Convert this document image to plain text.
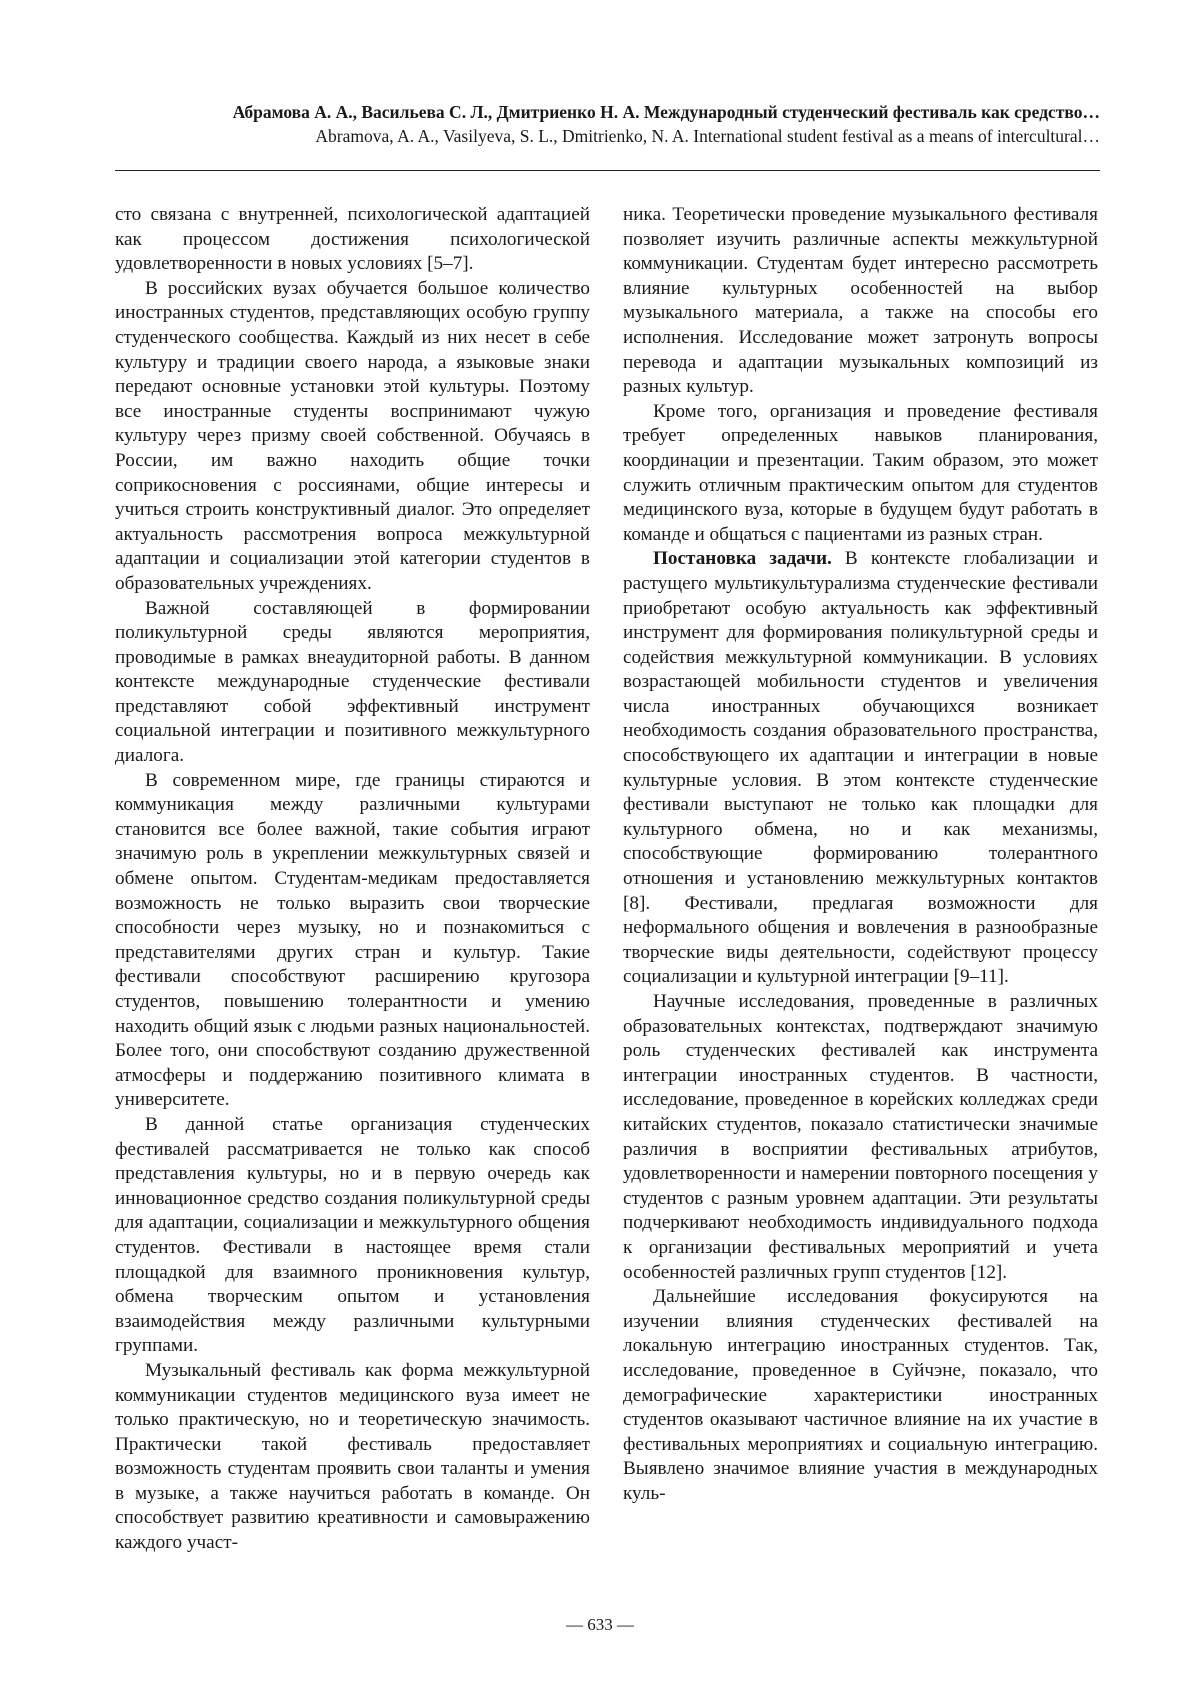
Абрамова А. А., Васильева С. Л., Дмитриенко Н. А. Международный студенческий фестиваль как средство…
Abramova, A. A., Vasilyeva, S. L., Dmitrienko, N. A. International student festival as a means of intercultural…

сто связана с внутренней, психологической адаптацией как процессом достижения психологической удовлетворенности в новых условиях [5–7].

В российских вузах обучается большое количество иностранных студентов, представляющих особую группу студенческого сообщества. Каждый из них несет в себе культуру и традиции своего народа, а языковые знаки передают основные установки этой культуры. Поэтому все иностранные студенты воспринимают чужую культуру через призму своей собственной. Обучаясь в России, им важно находить общие точки соприкосновения с россиянами, общие интересы и учиться строить конструктивный диалог. Это определяет актуальность рассмотрения вопроса межкультурной адаптации и социализации этой категории студентов в образовательных учреждениях.

Важной составляющей в формировании поликультурной среды являются мероприятия, проводимые в рамках внеаудиторной работы. В данном контексте международные студенческие фестивали представляют собой эффективный инструмент социальной интеграции и позитивного межкультурного диалога.

В современном мире, где границы стираются и коммуникация между различными культурами становится все более важной, такие события играют значимую роль в укреплении межкультурных связей и обмене опытом. Студентам-медикам предоставляется возможность не только выразить свои творческие способности через музыку, но и познакомиться с представителями других стран и культур. Такие фестивали способствуют расширению кругозора студентов, повышению толерантности и умению находить общий язык с людьми разных национальностей. Более того, они способствуют созданию дружественной атмосферы и поддержанию позитивного климата в университете.

В данной статье организация студенческих фестивалей рассматривается не только как способ представления культуры, но и в первую очередь как инновационное средство создания поликультурной среды для адаптации, социализации и межкультурного общения студентов. Фестивали в настоящее время стали площадкой для взаимного проникновения культур, обмена творческим опытом и установления взаимодействия между различными культурными группами.

Музыкальный фестиваль как форма межкультурной коммуникации студентов медицинского вуза имеет не только практическую, но и теоретическую значимость. Практически такой фестиваль предоставляет возможность студентам проявить свои таланты и умения в музыке, а также научиться работать в команде. Он способствует развитию креативности и самовыражению каждого участ-

ника. Теоретически проведение музыкального фестиваля позволяет изучить различные аспекты межкультурной коммуникации. Студентам будет интересно рассмотреть влияние культурных особенностей на выбор музыкального материала, а также на способы его исполнения. Исследование может затронуть вопросы перевода и адаптации музыкальных композиций из разных культур.

Кроме того, организация и проведение фестиваля требует определенных навыков планирования, координации и презентации. Таким образом, это может служить отличным практическим опытом для студентов медицинского вуза, которые в будущем будут работать в команде и общаться с пациентами из разных стран.

Постановка задачи. В контексте глобализации и растущего мультикультурализма студенческие фестивали приобретают особую актуальность как эффективный инструмент для формирования поликультурной среды и содействия межкультурной коммуникации. В условиях возрастающей мобильности студентов и увеличения числа иностранных обучающихся возникает необходимость создания образовательного пространства, способствующего их адаптации и интеграции в новые культурные условия. В этом контексте студенческие фестивали выступают не только как площадки для культурного обмена, но и как механизмы, способствующие формированию толерантного отношения и установлению межкультурных контактов [8]. Фестивали, предлагая возможности для неформального общения и вовлечения в разнообразные творческие виды деятельности, содействуют процессу социализации и культурной интеграции [9–11].

Научные исследования, проведенные в различных образовательных контекстах, подтверждают значимую роль студенческих фестивалей как инструмента интеграции иностранных студентов. В частности, исследование, проведенное в корейских колледжах среди китайских студентов, показало статистически значимые различия в восприятии фестивальных атрибутов, удовлетворенности и намерении повторного посещения у студентов с разным уровнем адаптации. Эти результаты подчеркивают необходимость индивидуального подхода к организации фестивальных мероприятий и учета особенностей различных групп студентов [12].

Дальнейшие исследования фокусируются на изучении влияния студенческих фестивалей на локальную интеграцию иностранных студентов. Так, исследование, проведенное в Суйчэне, показало, что демографические характеристики иностранных студентов оказывают частичное влияние на их участие в фестивальных мероприятиях и социальную интеграцию. Выявлено значимое влияние участия в международных куль-

— 633 —
